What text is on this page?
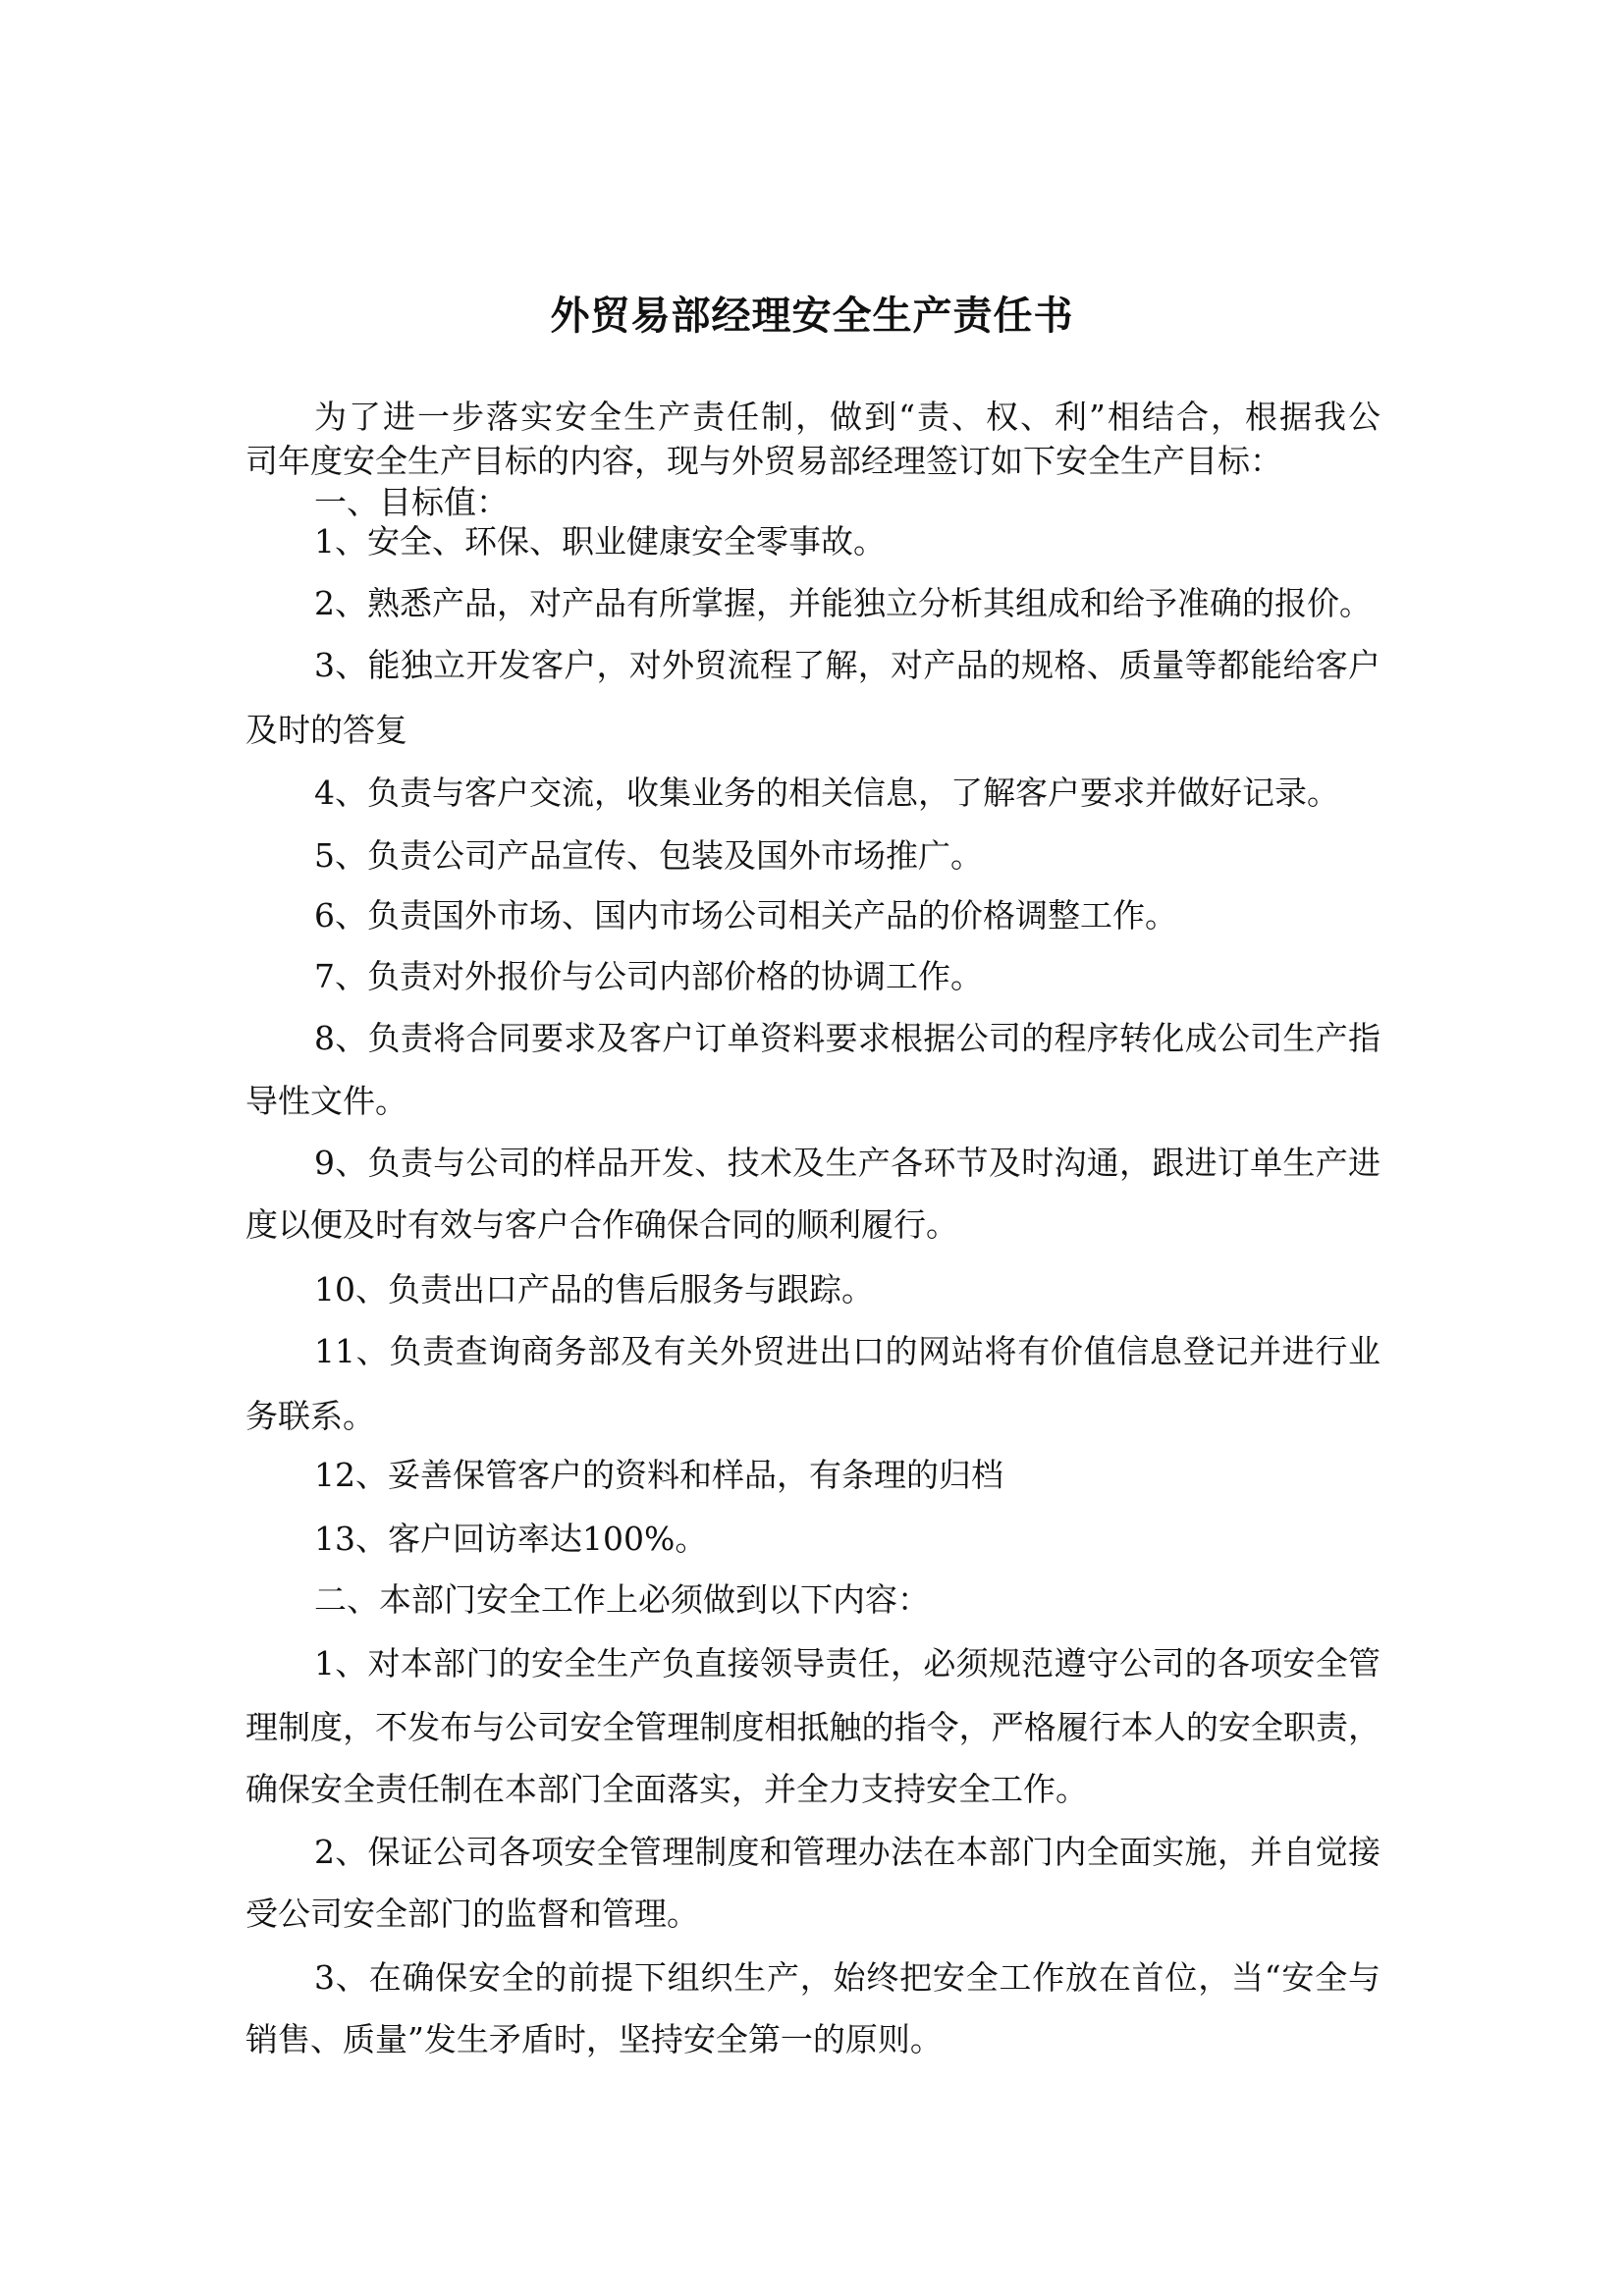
外贸易部经理安全生产责任书
为了进一步落实安全生产责任制，做到“责、权、利”相结合，根据我公
司年度安全生产目标的内容，现与外贸易部经理签订如下安全生产目标：
一、目标值：
1、安全、环保、职业健康安全零事故。
2、熟悉产品，对产品有所掌握，并能独立分析其组成和给予准确的报价。
3、能独立开发客户，对外贸流程了解，对产品的规格、质量等都能给客户
及时的答复
4、负责与客户交流，收集业务的相关信息，了解客户要求并做好记录。
5、负责公司产品宣传、包装及国外市场推广。
6、负责国外市场、国内市场公司相关产品的价格调整工作。
7、负责对外报价与公司内部价格的协调工作。
8、负责将合同要求及客户订单资料要求根据公司的程序转化成公司生产指
导性文件。
9、负责与公司的样品开发、技术及生产各环节及时沟通，跟进订单生产进
度以便及时有效与客户合作确保合同的顺利履行。
10、负责出口产品的售后服务与跟踪。
11、负责查询商务部及有关外贸进出口的网站将有价值信息登记并进行业
务联系。
12、妥善保管客户的资料和样品，有条理的归档
13、客户回访率达100%。
二、本部门安全工作上必须做到以下内容：
1、对本部门的安全生产负直接领导责任，必须规范遵守公司的各项安全管
理制度，不发布与公司安全管理制度相抵触的指令，严格履行本人的安全职责，
确保安全责任制在本部门全面落实，并全力支持安全工作。
2、保证公司各项安全管理制度和管理办法在本部门内全面实施，并自觉接
受公司安全部门的监督和管理。
3、在确保安全的前提下组织生产，始终把安全工作放在首位，当“安全与
销售、质量”发生矛盾时，坚持安全第一的原则。
